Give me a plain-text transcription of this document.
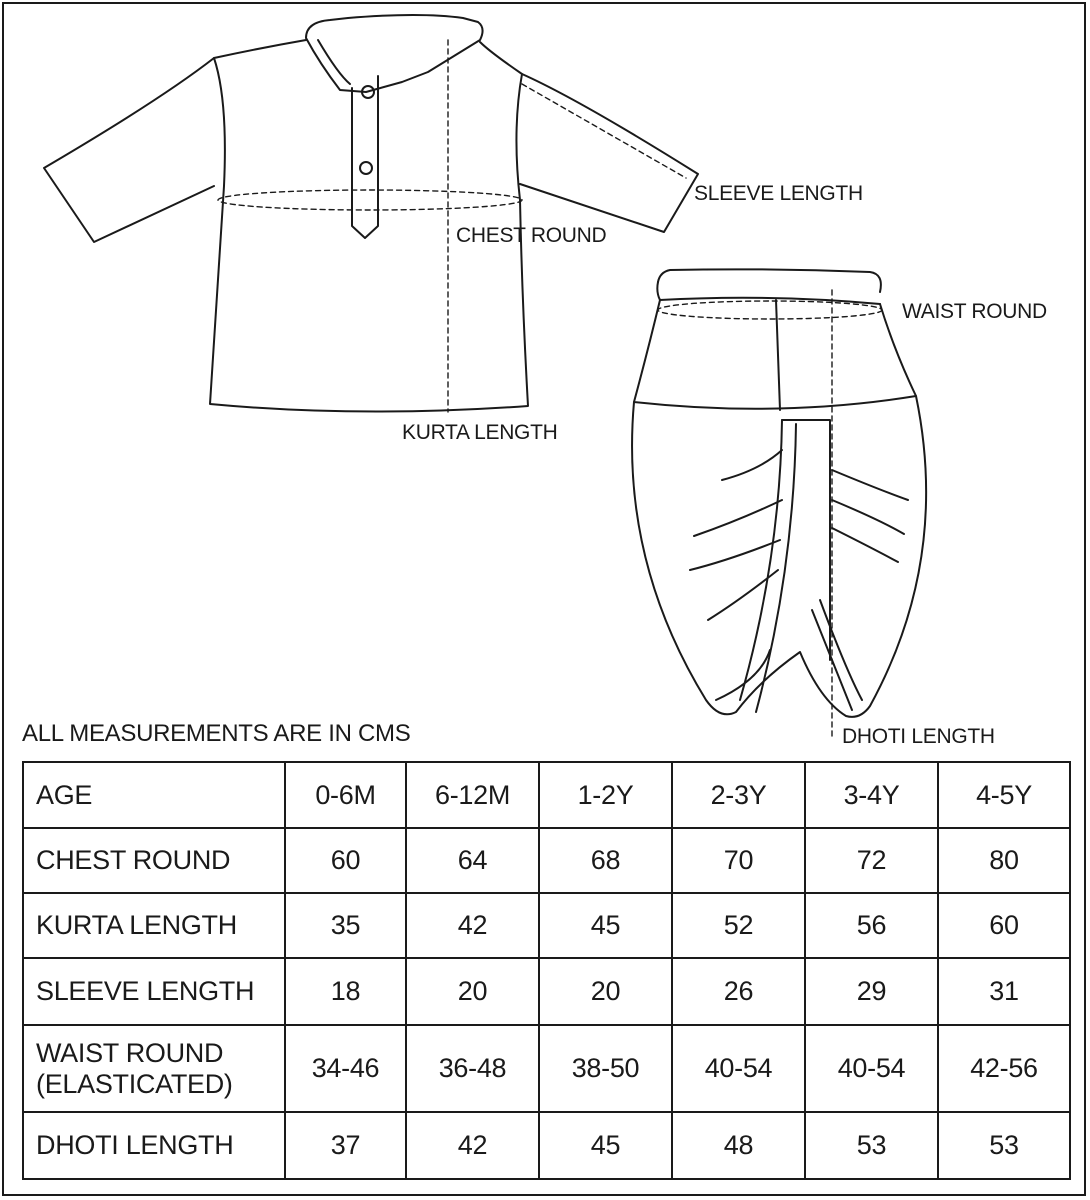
SLEEVE LENGTH
CHEST ROUND
KURTA LENGTH
WAIST ROUND
DHOTI LENGTH
ALL MEASUREMENTS ARE IN CMS
AGE	0-6M	6-12M	1-2Y	2-3Y	3-4Y	4-5Y
CHEST ROUND	60	64	68	70	72	80
KURTA LENGTH	35	42	45	52	56	60
SLEEVE LENGTH	18	20	20	26	29	31

WAIST ROUND
(ELASTICATED)	34-46	36-48	38-50	40-54	40-54	42-56
DHOTI LENGTH	37	42	45	48	53	53
